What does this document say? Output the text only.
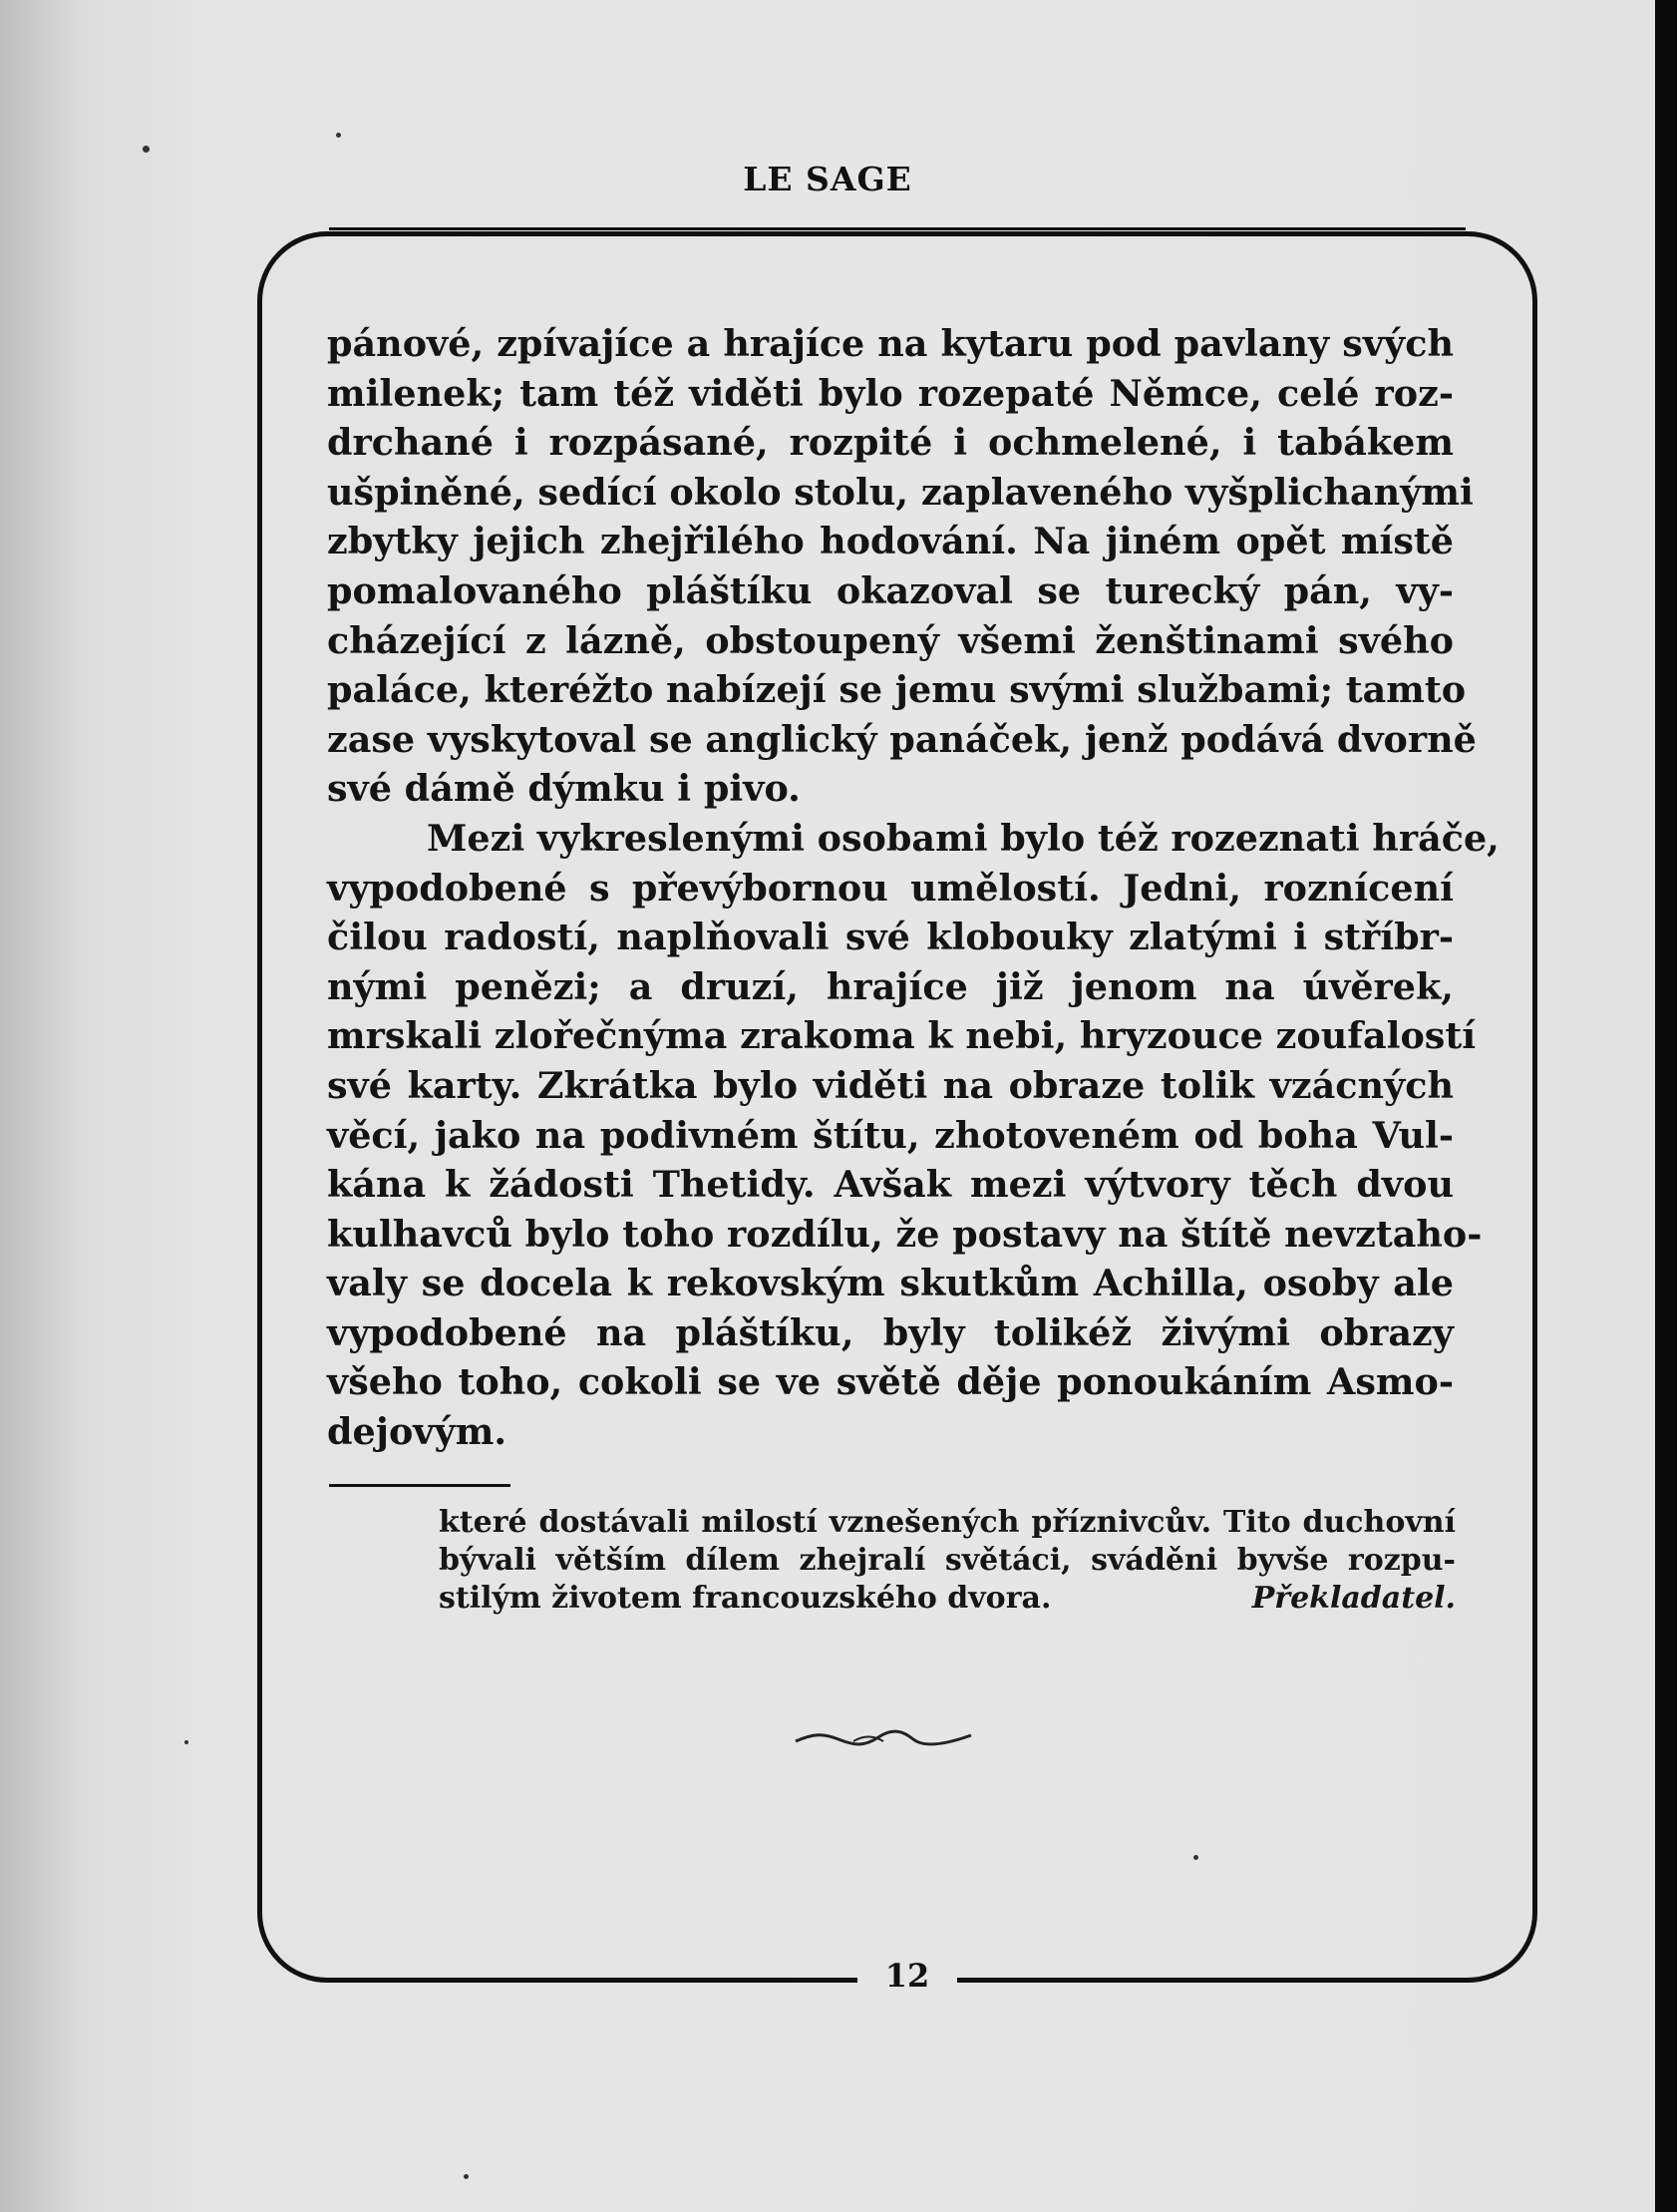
LE SAGE
pánové, zpívajíce a hrajíce na kytaru pod pavlany svých
milenek; tam též viděti bylo rozepaté Němce, celé roz-
drchané i rozpásané, rozpité i ochmelené, i tabákem
ušpiněné, sedící okolo stolu, zaplaveného vyšplichanými
zbytky jejich zhejřilého hodování. Na jiném opět místě
pomalovaného pláštíku okazoval se turecký pán, vy-
cházející z lázně, obstoupený všemi ženštinami svého
paláce, kteréžto nabízejí se jemu svými službami; tamto
zase vyskytoval se anglický panáček, jenž podává dvorně
své dámě dýmku i pivo.
Mezi vykreslenými osobami bylo též rozeznati hráče,
vypodobené s převýbornou umělostí. Jedni, roznícení
čilou radostí, naplňovali své klobouky zlatými i stříbr-
nými penězi; a druzí, hrajíce již jenom na úvěrek,
mrskali zlořečnýma zrakoma k nebi, hryzouce zoufalostí
své karty. Zkrátka bylo viděti na obraze tolik vzácných
věcí, jako na podivném štítu, zhotoveném od boha Vul-
kána k žádosti Thetidy. Avšak mezi výtvory těch dvou
kulhavců bylo toho rozdílu, že postavy na štítě nevztaho-
valy se docela k rekovským skutkům Achilla, osoby ale
vypodobené na pláštíku, byly tolikéž živými obrazy
všeho toho, cokoli se ve světě děje ponoukáním Asmo-
dejovým.
které dostávali milostí vznešených příznivcův. Tito duchovní
bývali větším dílem zhejralí světáci, sváděni byvše rozpu-
stilým životem francouzského dvora.	Překladatel.
12
